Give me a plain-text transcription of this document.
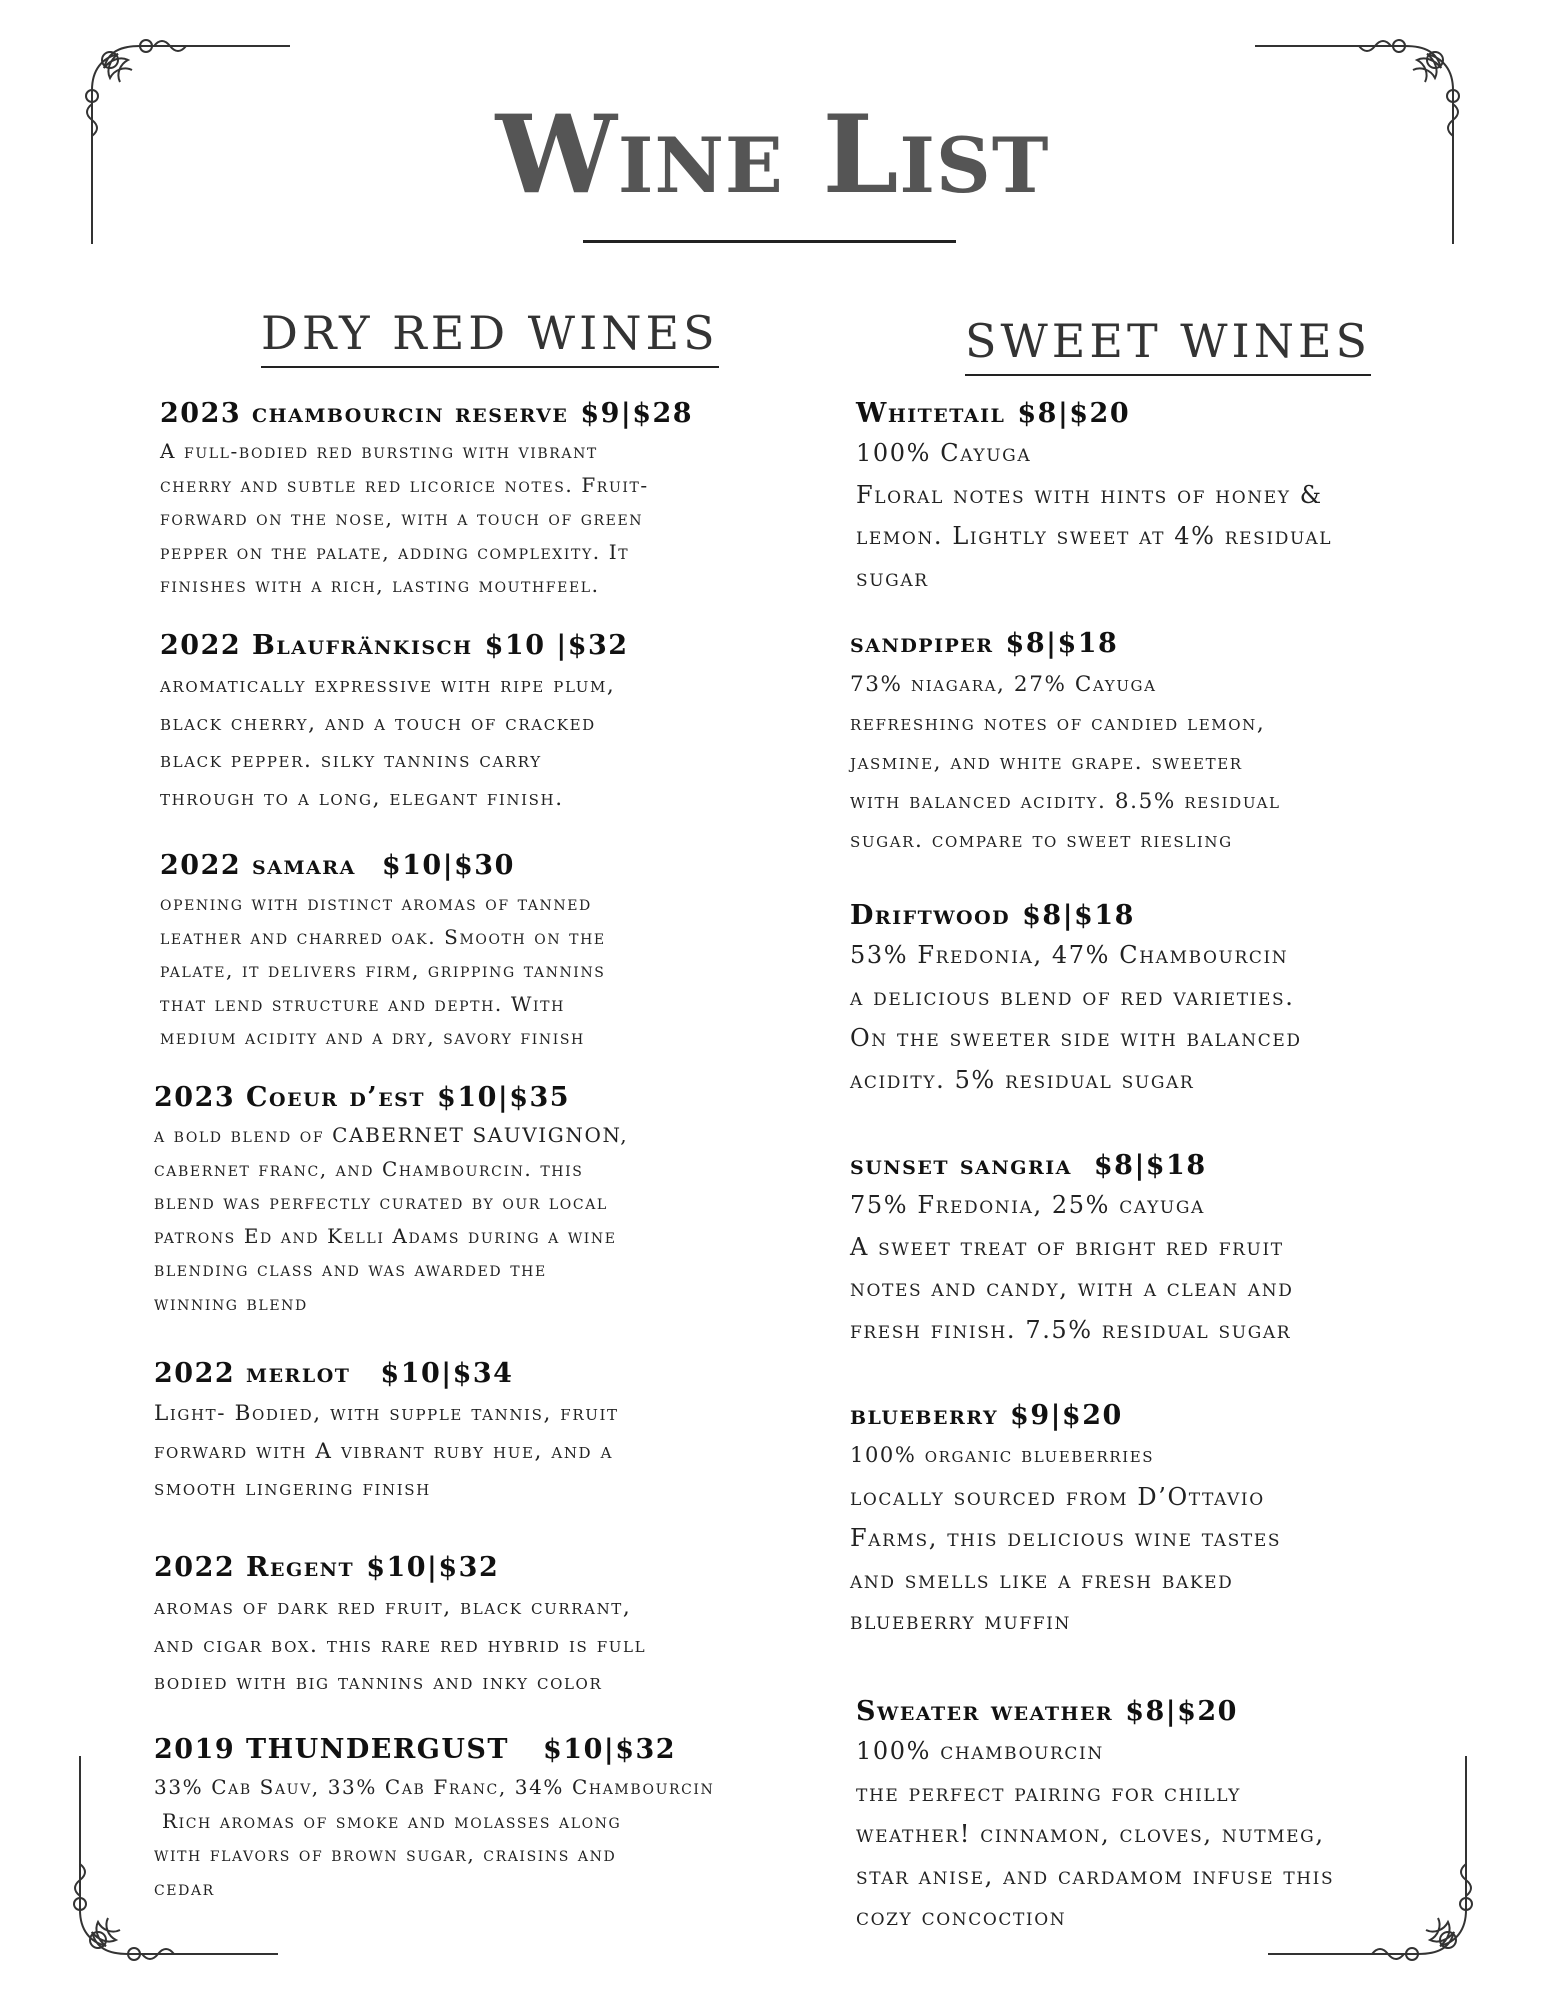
Wine List
DRY RED WINES	SWEET WINES
2023 chambourcin reserve $9|$28
A full-bodied red bursting with vibrant
cherry and subtle red licorice notes. Fruit-
forward on the nose, with a touch of green
pepper on the palate, adding complexity. It
finishes with a rich, lasting mouthfeel.
2022 Blaufränkisch $10 |$32
aromatically expressive with ripe plum,
black cherry, and a touch of cracked
black pepper. silky tannins carry
through to a long, elegant finish.
2022 samara $10|$30
opening with distinct aromas of tanned
leather and charred oak. Smooth on the
palate, it delivers firm, gripping tannins
that lend structure and depth. With
medium acidity and a dry, savory finish
2023 Coeur d’est $10|$35
a bold blend of CABERNET SAUVIGNON,
cabernet franc, and Chambourcin. this
blend was perfectly curated by our local
patrons Ed and Kelli Adams during a wine
blending class and was awarded the
winning blend
2022 merlot $10|$34
Light- Bodied, with supple tannis, fruit
forward with A vibrant ruby hue, and a
smooth lingering finish
2022 Regent $10|$32
aromas of dark red fruit, black currant,
and cigar box. this rare red hybrid is full
bodied with big tannins and inky color
2019 THUNDERGUST $10|$32
33% Cab Sauv, 33% Cab Franc, 34% Chambourcin
Rich aromas of smoke and molasses along
with flavors of brown sugar, craisins and
cedar
Whitetail $8|$20
100% Cayuga
Floral notes with hints of honey &
lemon. Lightly sweet at 4% residual
sugar
sandpiper $8|$18
73% niagara, 27% Cayuga
refreshing notes of candied lemon,
jasmine, and white grape. sweeter
with balanced acidity. 8.5% residual
sugar. compare to sweet riesling
Driftwood $8|$18
53% Fredonia, 47% Chambourcin
a delicious blend of red varieties.
On the sweeter side with balanced
acidity. 5% residual sugar
sunset sangria $8|$18
75% Fredonia, 25% cayuga
A sweet treat of bright red fruit
notes and candy, with a clean and
fresh finish. 7.5% residual sugar
blueberry $9|$20
100% organic blueberries
locally sourced from D’Ottavio
Farms, this delicious wine tastes
and smells like a fresh baked
blueberry muffin
Sweater weather $8|$20
100% chambourcin
the perfect pairing for chilly
weather! cinnamon, cloves, nutmeg,
star anise, and cardamom infuse this
cozy concoction
